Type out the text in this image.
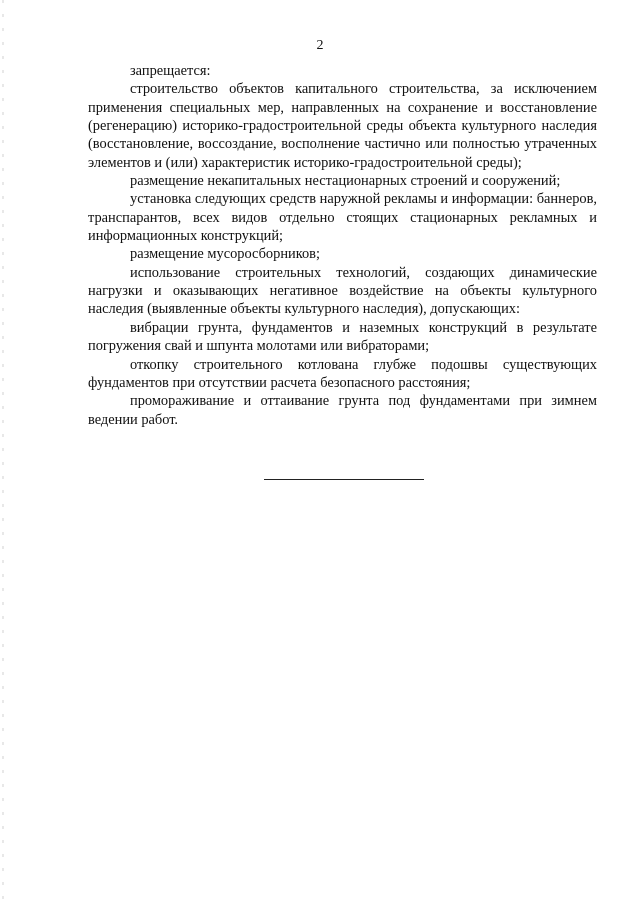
2

запрещается:

строительство объектов капитального строительства, за исключением применения специальных мер, направленных на сохранение и восстановление (регенерацию) историко-градостроительной среды объекта культурного наследия (восстановление, воссоздание, восполнение частично или полностью утраченных элементов и (или) характеристик историко-градостроительной среды);

размещение некапитальных нестационарных строений и сооружений;

установка следующих средств наружной рекламы и информации: баннеров, транспарантов, всех видов отдельно стоящих стационарных рекламных и информационных конструкций;

размещение мусоросборников;

использование строительных технологий, создающих динамические нагрузки и оказывающих негативное воздействие на объекты культурного наследия (выявленные объекты культурного наследия), допускающих:

вибрации грунта, фундаментов и наземных конструкций в результате погружения свай и шпунта молотами или вибраторами;

откопку строительного котлована глубже подошвы существующих фундаментов при отсутствии расчета безопасного расстояния;

промораживание и оттаивание грунта под фундаментами при зимнем ведении работ.
